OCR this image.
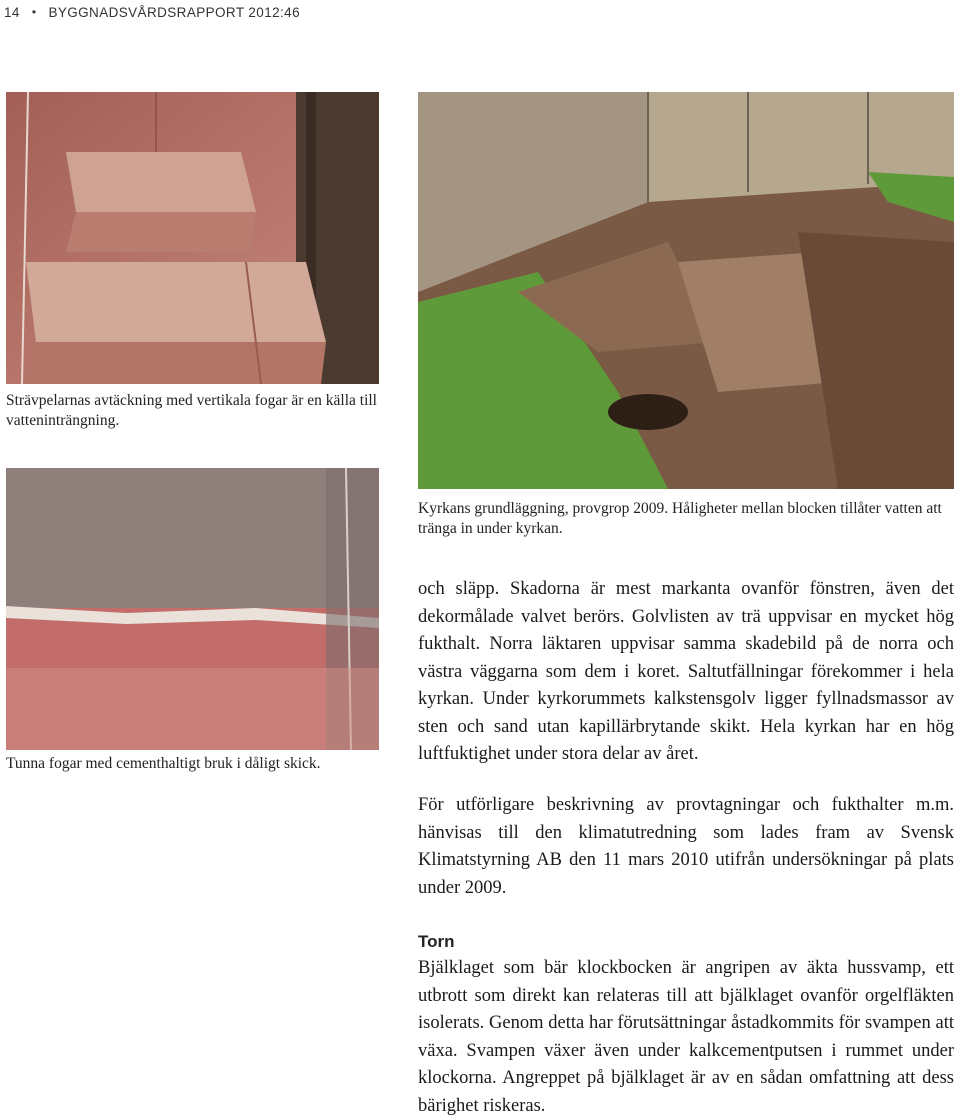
14 • BYGGNADSVÅRDSRAPPORT 2012:46

Strävpelarnas avtäckning med vertikala fogar är en källa till vatteninträngning.

Kyrkans grundläggning, provgrop 2009. Håligheter mellan blocken tillåter vatten att tränga in under kyrkan.

Tunna fogar med cementhaltigt bruk i dåligt skick.

och släpp. Skadorna är mest markanta ovanför fönstren, även det dekormålade valvet berörs. Golvlisten av trä uppvisar en mycket hög fukthalt. Norra läktaren uppvisar samma skadebild på de norra och västra väggarna som dem i koret. Saltutfällningar förekommer i hela kyrkan. Under kyrkorummets kalkstensgolv ligger fyllnadsmassor av sten och sand utan kapillärbrytande skikt. Hela kyrkan har en hög luftfuktighet under stora delar av året.

För utförligare beskrivning av provtagningar och fukthalter m.m. hänvisas till den klimatutredning som lades fram av Svensk Klimatstyrning AB den 11 mars 2010 utifrån undersökningar på plats under 2009.

Torn

Bjälklaget som bär klockbocken är angripen av äkta hussvamp, ett utbrott som direkt kan relateras till att bjälklaget ovanför orgelfläkten isolerats. Genom detta har förutsättningar åstadkommits för svampen att växa. Svampen växer även under kalkcementputsen i rummet under klockorna. Angreppet på bjälklaget är av en sådan omfattning att dess bärighet riskeras.
